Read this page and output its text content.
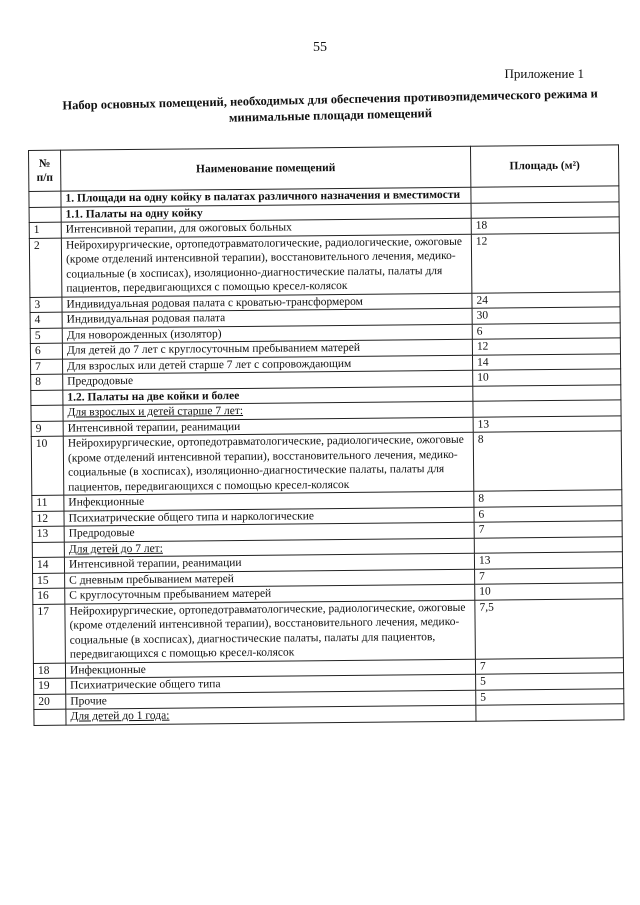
55
Приложение 1
Набор основных помещений, необходимых для обеспечения противоэпидемического режима и минимальные площади помещений
№ п/п	Наименование помещений	Площадь (м²)
	1. Площади на одну койку в палатах различного назначения и вместимости	
	1.1. Палаты на одну койку	
1	Интенсивной терапии, для ожоговых больных	18
2	Нейрохирургические, ортопедотравматологические, радиологические, ожоговые (кроме отделений интенсивной терапии), восстановительного лечения, медико-социальные (в хосписах), изоляционно-диагностические палаты, палаты для пациентов, передвигающихся с помощью кресел-колясок	12
3	Индивидуальная родовая палата с кроватью-трансформером	24
4	Индивидуальная родовая палата	30
5	Для новорожденных (изолятор)	6
6	Для детей до 7 лет с круглосуточным пребыванием матерей	12
7	Для взрослых или детей старше 7 лет с сопровождающим	14
8	Предродовые	10
	1.2. Палаты на две койки и более	
	Для взрослых и детей старше 7 лет:	
9	Интенсивной терапии, реанимации	13
10	Нейрохирургические, ортопедотравматологические, радиологические, ожоговые (кроме отделений интенсивной терапии), восстановительного лечения, медико-социальные (в хосписах), изоляционно-диагностические палаты, палаты для пациентов, передвигающихся с помощью кресел-колясок	8
11	Инфекционные	8
12	Психиатрические общего типа и наркологические	6
13	Предродовые	7
	Для детей до 7 лет:	
14	Интенсивной терапии, реанимации	13
15	С дневным пребыванием матерей	7
16	С круглосуточным пребыванием матерей	10
17	Нейрохирургические, ортопедотравматологические, радиологические, ожоговые (кроме отделений интенсивной терапии), восстановительного лечения, медико-социальные (в хосписах), диагностические палаты, палаты для пациентов, передвигающихся с помощью кресел-колясок	7,5
18	Инфекционные	7
19	Психиатрические общего типа	5
20	Прочие	5
	Для детей до 1 года:	
